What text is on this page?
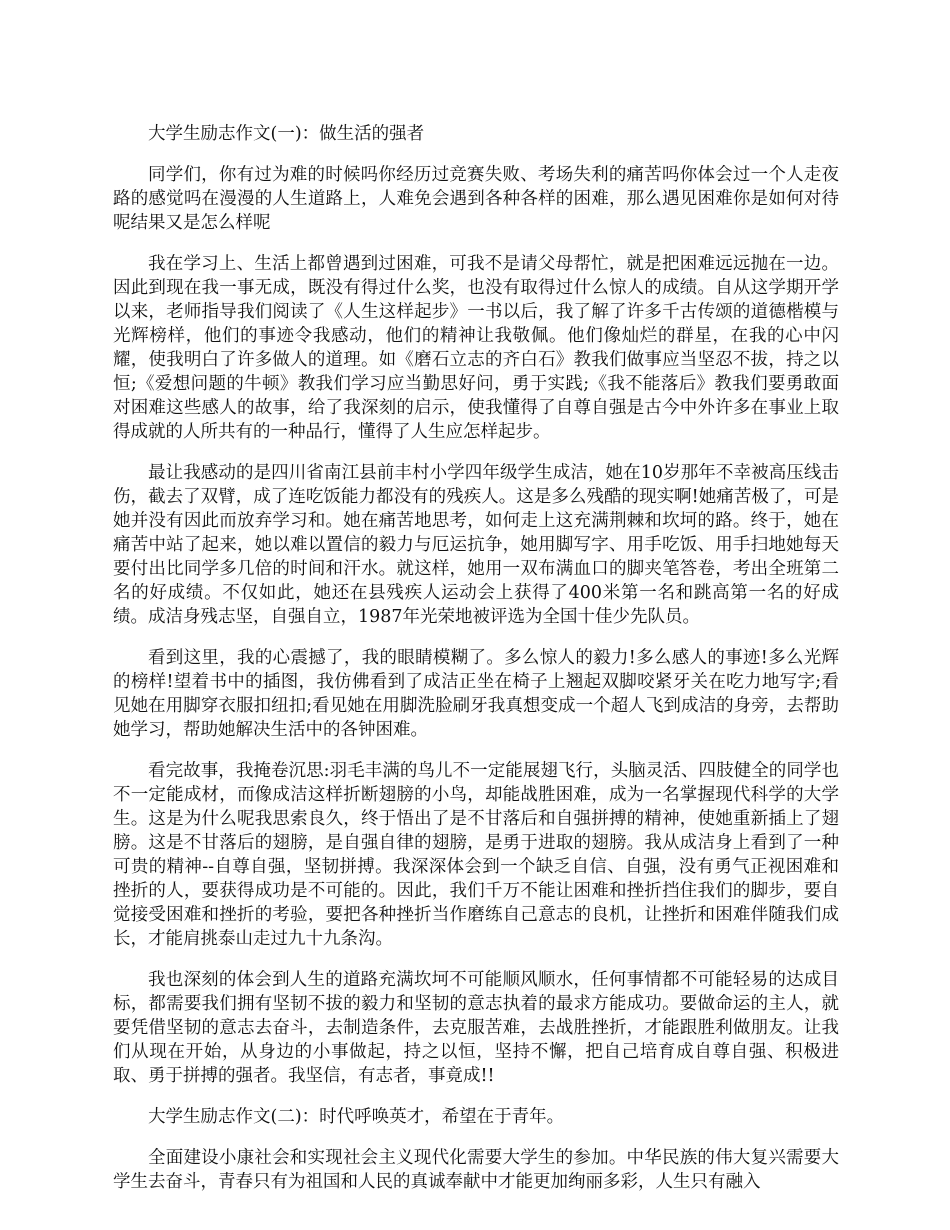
大学生励志作文(一)：做生活的强者

同学们，你有过为难的时候吗你经历过竞赛失败、考场失利的痛苦吗你体会过一个人走夜路的感觉吗在漫漫的人生道路上，人难免会遇到各种各样的困难，那么遇见困难你是如何对待呢结果又是怎么样呢

我在学习上、生活上都曾遇到过困难，可我不是请父母帮忙，就是把困难远远抛在一边。因此到现在我一事无成，既没有得过什么奖，也没有取得过什么惊人的成绩。自从这学期开学以来，老师指导我们阅读了《人生这样起步》一书以后，我了解了许多千古传颂的道德楷模与光辉榜样，他们的事迹令我感动，他们的精神让我敬佩。他们像灿烂的群星，在我的心中闪耀，使我明白了许多做人的道理。如《磨石立志的齐白石》教我们做事应当坚忍不拔，持之以恒;《爱想问题的牛顿》教我们学习应当勤思好问，勇于实践;《我不能落后》教我们要勇敢面对困难这些感人的故事，给了我深刻的启示，使我懂得了自尊自强是古今中外许多在事业上取得成就的人所共有的一种品行，懂得了人生应怎样起步。

最让我感动的是四川省南江县前丰村小学四年级学生成洁，她在10岁那年不幸被高压线击伤，截去了双臂，成了连吃饭能力都没有的残疾人。这是多么残酷的现实啊!她痛苦极了，可是她并没有因此而放弃学习和。她在痛苦地思考，如何走上这充满荆棘和坎坷的路。终于，她在痛苦中站了起来，她以难以置信的毅力与厄运抗争，她用脚写字、用手吃饭、用手扫地她每天要付出比同学多几倍的时间和汗水。就这样，她用一双布满血口的脚夹笔答卷，考出全班第二名的好成绩。不仅如此，她还在县残疾人运动会上获得了400米第一名和跳高第一名的好成绩。成洁身残志坚，自强自立，1987年光荣地被评选为全国十佳少先队员。

看到这里，我的心震撼了，我的眼睛模糊了。多么惊人的毅力!多么感人的事迹!多么光辉的榜样!望着书中的插图，我仿佛看到了成洁正坐在椅子上翘起双脚咬紧牙关在吃力地写字;看见她在用脚穿衣服扣纽扣;看见她在用脚洗脸刷牙我真想变成一个超人飞到成洁的身旁，去帮助她学习，帮助她解决生活中的各钟困难。

看完故事，我掩卷沉思:羽毛丰满的鸟儿不一定能展翅飞行，头脑灵活、四肢健全的同学也不一定能成材，而像成洁这样折断翅膀的小鸟，却能战胜困难，成为一名掌握现代科学的大学生。这是为什么呢我思索良久，终于悟出了是不甘落后和自强拼搏的精神，使她重新插上了翅膀。这是不甘落后的翅膀，是自强自律的翅膀，是勇于进取的翅膀。我从成洁身上看到了一种可贵的精神--自尊自强，坚韧拼搏。我深深体会到一个缺乏自信、自强，没有勇气正视困难和挫折的人，要获得成功是不可能的。因此，我们千万不能让困难和挫折挡住我们的脚步，要自觉接受困难和挫折的考验，要把各种挫折当作磨练自己意志的良机，让挫折和困难伴随我们成长，才能肩挑泰山走过九十九条沟。

我也深刻的体会到人生的道路充满坎坷不可能顺风顺水，任何事情都不可能轻易的达成目标，都需要我们拥有坚韧不拔的毅力和坚韧的意志执着的最求方能成功。要做命运的主人，就要凭借坚韧的意志去奋斗，去制造条件，去克服苦难，去战胜挫折，才能跟胜利做朋友。让我们从现在开始，从身边的小事做起，持之以恒，坚持不懈，把自己培育成自尊自强、积极进取、勇于拼搏的强者。我坚信，有志者，事竟成!!

大学生励志作文(二)：时代呼唤英才，希望在于青年。

全面建设小康社会和实现社会主义现代化需要大学生的参加。中华民族的伟大复兴需要大学生去奋斗，青春只有为祖国和人民的真诚奉献中才能更加绚丽多彩，人生只有融入
